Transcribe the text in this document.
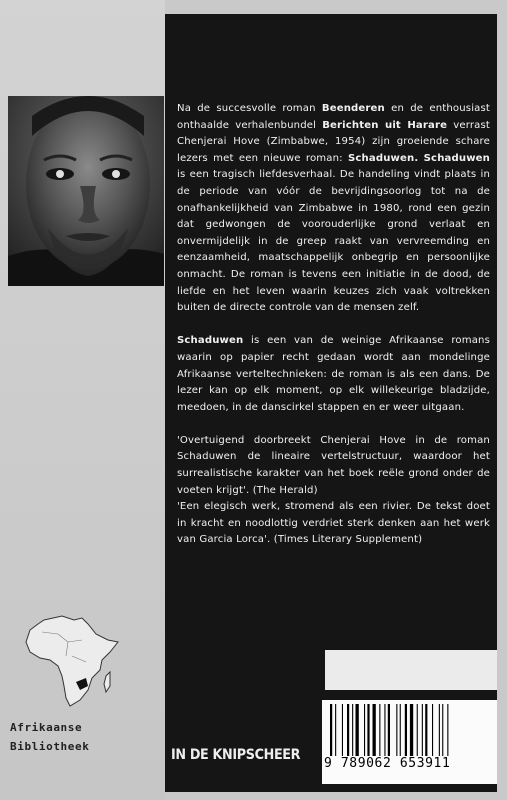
Na de succesvolle roman Beenderen en de enthousiast onthaalde verhalenbundel Berichten uit Harare verrast Chenjerai Hove (Zimbabwe, 1954) zijn groeiende schare lezers met een nieuwe roman: Schaduwen. Schaduwen is een tragisch liefdesverhaal. De handeling vindt plaats in de periode van vóór de bevrijdingsoorlog tot na de onafhankelijkheid van Zimbabwe in 1980, rond een gezin dat gedwongen de voorouderlijke grond verlaat en onvermijdelijk in de greep raakt van vervreemding en eenzaamheid, maatschappelijk onbegrip en persoonlijke onmacht. De roman is tevens een initiatie in de dood, de liefde en het leven waarin keuzes zich vaak voltrekken buiten de directe controle van de mensen zelf.

Schaduwen is een van de weinige Afrikaanse romans waarin op papier recht gedaan wordt aan mondelinge Afrikaanse verteltechnieken: de roman is als een dans. De lezer kan op elk moment, op elk willekeurige bladzijde, meedoen, in de danscirkel stappen en er weer uitgaan.

'Overtuigend doorbreekt Chenjerai Hove in de roman Schaduwen de lineaire vertelstructuur, waardoor het surrealistische karakter van het boek reële grond onder de voeten krijgt'. (The Herald)

'Een elegisch werk, stromend als een rivier. De tekst doet in kracht en noodlottig verdriet sterk denken aan het werk van Garcia Lorca'. (Times Literary Supplement)

Afrikaanse
Bibliotheek
IN DE KNIPSCHEER
9 789062 653911
